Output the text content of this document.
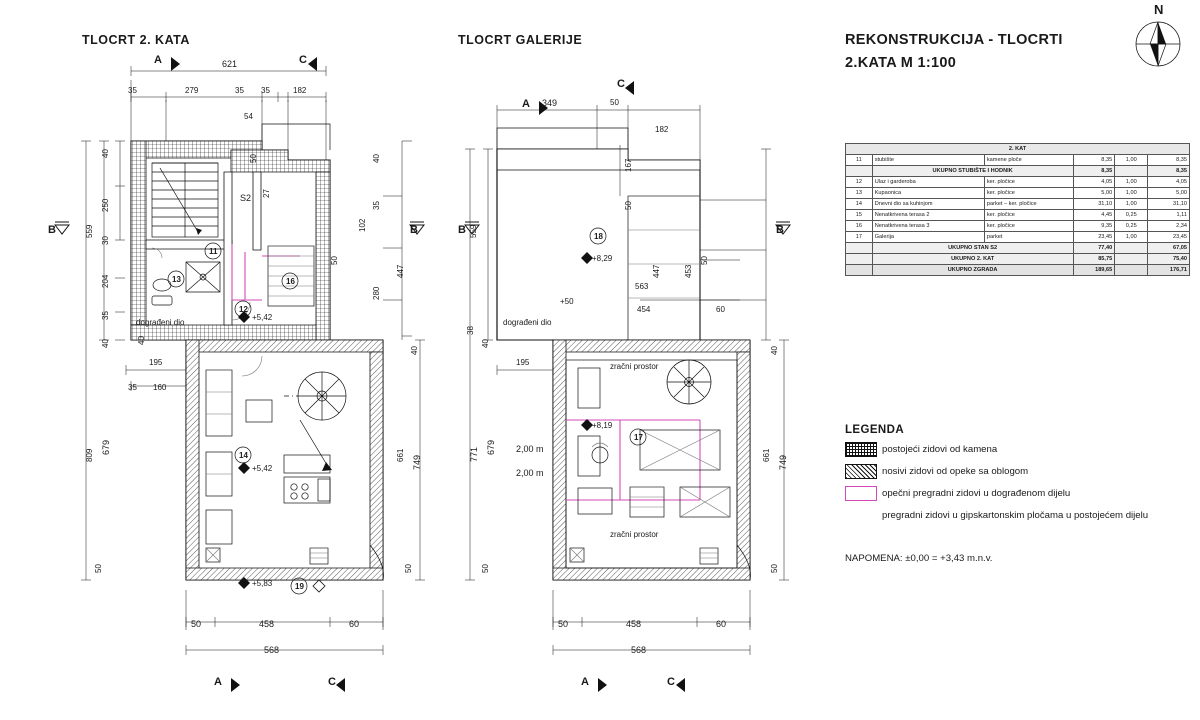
REKONSTRUKCIJA - TLOCRTI
2.KATA M 1:100
N
2. KAT					
11	stubište	kamene ploče	8,35	1,00	8,35
	UKUPNO STUBIŠTE I HODNIK		8,35		8,35
12	Ulaz i garderoba	ker. pločice	4,05	1,00	4,05
13	Kupaonica	ker. pločice	5,00	1,00	5,00
14	Dnevni dio sa kuhinjom	parket – ker. pločice	31,10	1,00	31,10
15	Nenatkrivena terasa 2	ker. pločice	4,45	0,25	1,11
16	Nenatkrivena terasa 3	ker. pločice	9,35	0,25	2,34
17	Galerija	parket	23,45	1,00	23,45
	UKUPNO STAN S2		77,40		67,05
	UKUPNO 2. KAT		85,75		75,40
	UKUPNO ZGRADA		189,65		176,71
LEGENDA
postojeći zidovi od kamena
nosivi zidovi od opeke sa oblogom
opečni pregradni zidovi u dograđenom dijelu
pregradni zidovi u gipskartonskim pločama u postojećem dijelu
NAPOMENA: ±0,00 = +3,43 m.n.v.
TLOCRT 2. KATA	TLOCRT GALERIJE
A	C
B	B
A	C
621
35	279	35 35	182
54
40
250
559
30
204
35
40
809
679
195
35 160
50
40
50
27
50
40
35
102
447
280
40
661 749
50
50	458	60
568
11
13
12
16
14
19
S2
dograđeni dio
+5,42
+5,42
+5,83
A
C
B	B
A	C
349	50
182
167
50
559
771 679
195
50
38
40
50
447	453
563
454	60
661 749
40
50
50	458	60
568
18
17
+8,29
+8,19
dograđeni dio
zračni prostor
zračni prostor
2,00 m
2,00 m
+50
